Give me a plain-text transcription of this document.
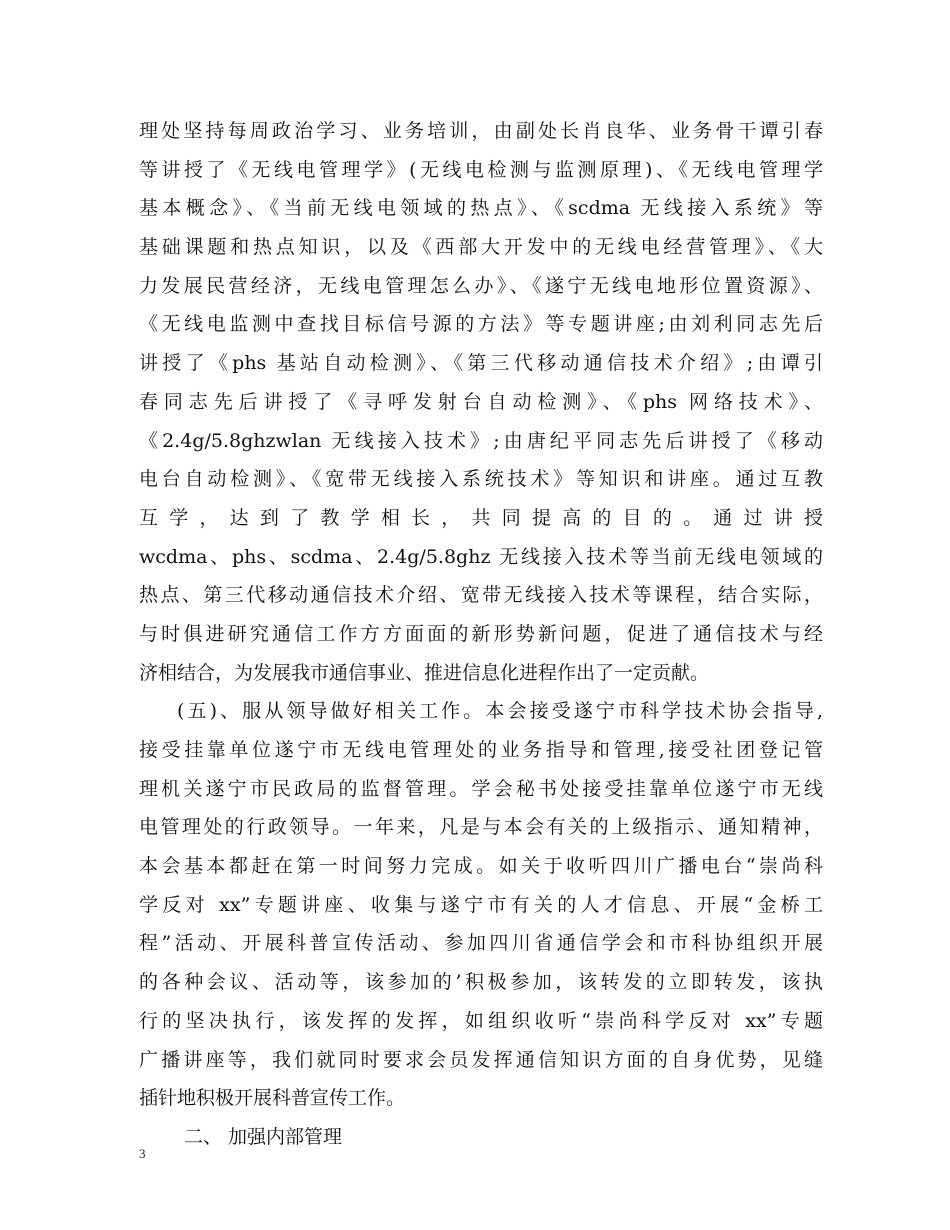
理处坚持每周政治学习、业务培训，由副处长肖良华、业务骨干谭引春
等讲授了《无线电管理学》(无线电检测与监测原理)、《无线电管理学
基本概念》、《当前无线电领域的热点》、《scdma 无线接入系统》等
基础课题和热点知识，以及《西部大开发中的无线电经营管理》、《大
力发展民营经济，无线电管理怎么办》、《遂宁无线电地形位置资源》、
《无线电监测中查找目标信号源的方法》等专题讲座;由刘利同志先后
讲授了《phs 基站自动检测》、《第三代移动通信技术介绍》;由谭引
春同志先后讲授了《寻呼发射台自动检测》、《phs 网络技术》、
《2.4g/5.8ghzwlan 无线接入技术》;由唐纪平同志先后讲授了《移动
电台自动检测》、《宽带无线接入系统技术》等知识和讲座。通过互教
互学，达到了教学相长，共同提高的目的。通过讲授
wcdma、phs、scdma、2.4g/5.8ghz 无线接入技术等当前无线电领域的
热点、第三代移动通信技术介绍、宽带无线接入技术等课程，结合实际，
与时俱进研究通信工作方方面面的新形势新问题，促进了通信技术与经
济相结合，为发展我市通信事业、推进信息化进程作出了一定贡献。
(五)、服从领导做好相关工作。本会接受遂宁市科学技术协会指导,
接受挂靠单位遂宁市无线电管理处的业务指导和管理,接受社团登记管
理机关遂宁市民政局的监督管理。学会秘书处接受挂靠单位遂宁市无线
电管理处的行政领导。一年来，凡是与本会有关的上级指示、通知精神，
本会基本都赶在第一时间努力完成。如关于收听四川广播电台“崇尚科
学反对 xx”专题讲座、收集与遂宁市有关的人才信息、开展“金桥工
程”活动、开展科普宣传活动、参加四川省通信学会和市科协组织开展
的各种会议、活动等，该参加的’积极参加，该转发的立即转发，该执
行的坚决执行，该发挥的发挥，如组织收听“崇尚科学反对 xx”专题
广播讲座等，我们就同时要求会员发挥通信知识方面的自身优势，见缝
插针地积极开展科普宣传工作。
二、 加强内部管理
3
